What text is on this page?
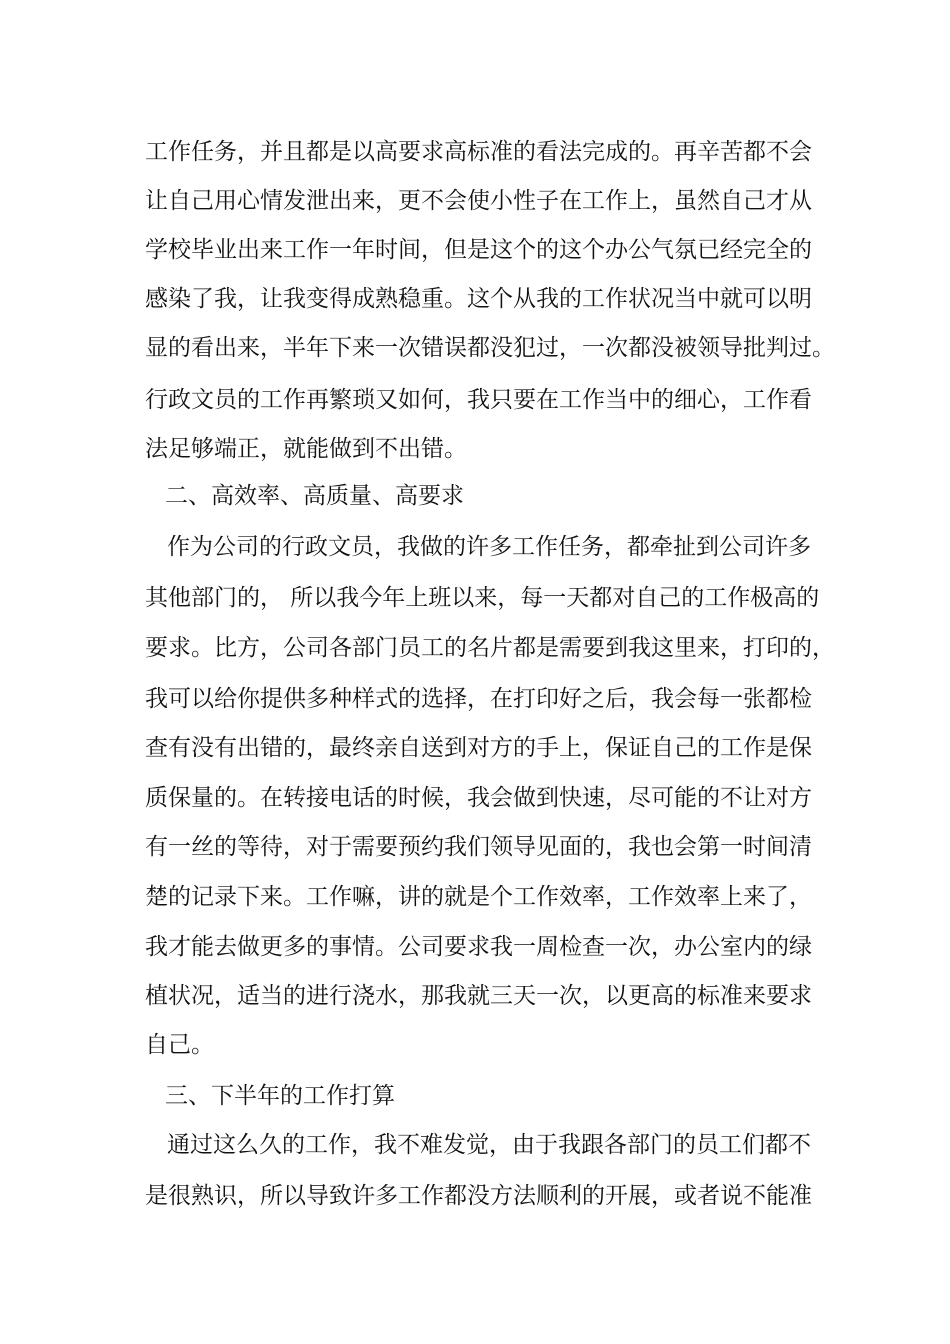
工作任务，并且都是以高要求高标准的看法完成的。再辛苦都不会
让自己用心情发泄出来，更不会使小性子在工作上，虽然自己才从
学校毕业出来工作一年时间，但是这个的这个办公气氛已经完全的
感染了我，让我变得成熟稳重。这个从我的工作状况当中就可以明
显的看出来，半年下来一次错误都没犯过，一次都没被领导批判过。
行政文员的工作再繁琐又如何，我只要在工作当中的细心，工作看
法足够端正，就能做到不出错。
二、高效率、高质量、高要求
作为公司的行政文员，我做的许多工作任务，都牵扯到公司许多
其他部门的， 所以我今年上班以来，每一天都对自己的工作极高的
要求。比方，公司各部门员工的名片都是需要到我这里来，打印的，
我可以给你提供多种样式的选择，在打印好之后，我会每一张都检
查有没有出错的，最终亲自送到对方的手上，保证自己的工作是保
质保量的。在转接电话的时候，我会做到快速，尽可能的不让对方
有一丝的等待，对于需要预约我们领导见面的，我也会第一时间清
楚的记录下来。工作嘛，讲的就是个工作效率，工作效率上来了，
我才能去做更多的事情。公司要求我一周检查一次，办公室内的绿
植状况，适当的进行浇水，那我就三天一次，以更高的标准来要求
自己。
三、下半年的工作打算
通过这么久的工作，我不难发觉，由于我跟各部门的员工们都不
是很熟识，所以导致许多工作都没方法顺利的开展，或者说不能准
